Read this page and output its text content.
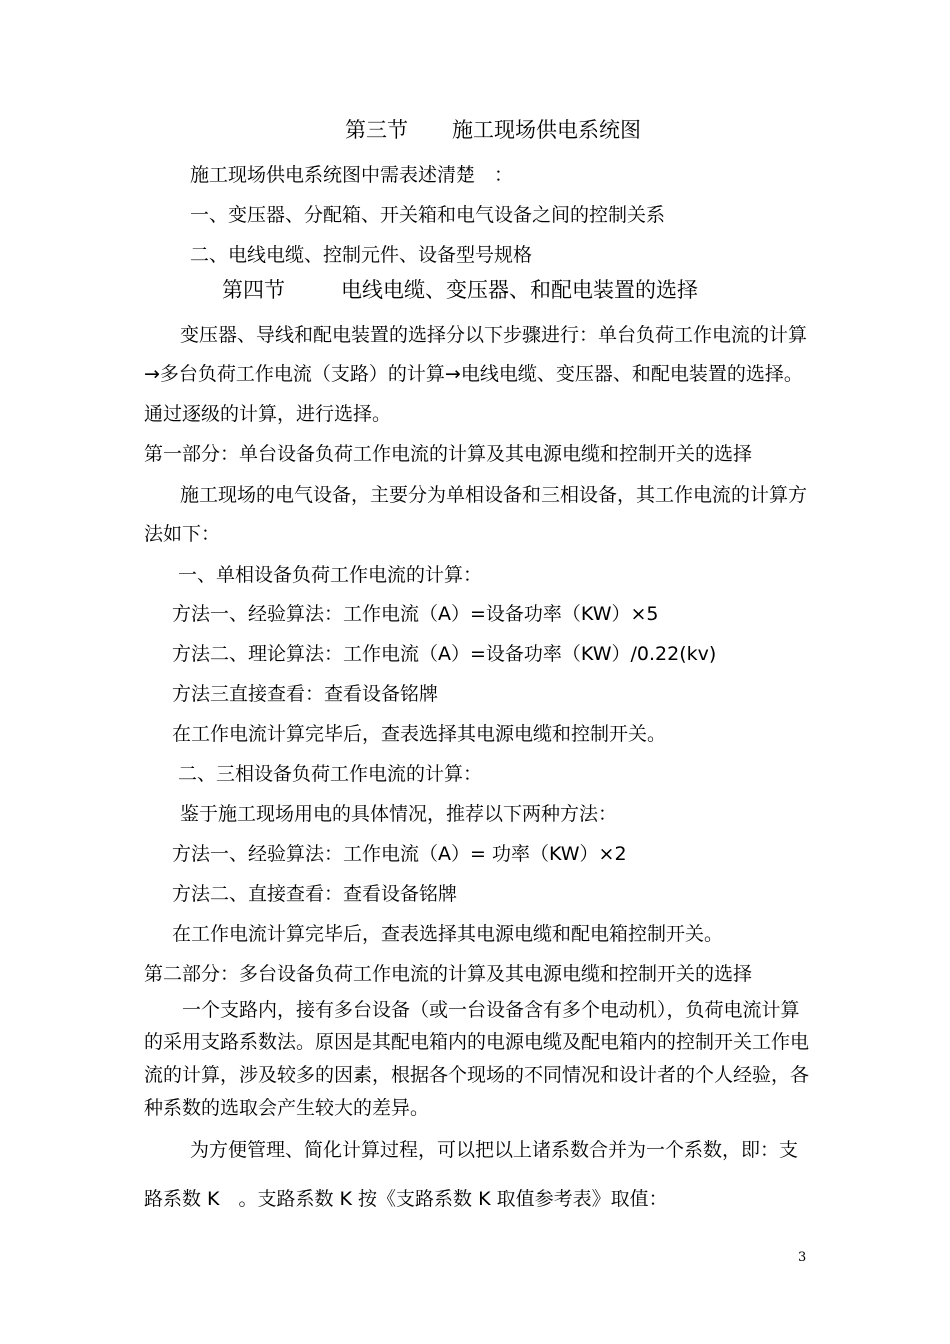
第三节 施工现场供电系统图
施工现场供电系统图中需表述清楚　：
一、变压器、分配箱、开关箱和电气设备之间的控制关系
二、电线电缆、控制元件、设备型号规格
第四节	电线电缆、变压器、和配电装置的选择
变压器、导线和配电装置的选择分以下步骤进行：单台负荷工作电流的计算
→多台负荷工作电流（支路）的计算→电线电缆、变压器、和配电装置的选择。
通过逐级的计算，进行选择。
第一部分：单台设备负荷工作电流的计算及其电源电缆和控制开关的选择
施工现场的电气设备，主要分为单相设备和三相设备，其工作电流的计算方
法如下：
一、单相设备负荷工作电流的计算：
方法一、经验算法：工作电流（A）=设备功率（KW）×5
方法二、理论算法：工作电流（A）=设备功率（KW）/0.22(kv)
方法三直接查看：查看设备铭牌
在工作电流计算完毕后，查表选择其电源电缆和控制开关。
二、三相设备负荷工作电流的计算：
鉴于施工现场用电的具体情况，推荐以下两种方法：
方法一、经验算法：工作电流（A）= 功率（KW）×2
方法二、直接查看：查看设备铭牌
在工作电流计算完毕后，查表选择其电源电缆和配电箱控制开关。
第二部分：多台设备负荷工作电流的计算及其电源电缆和控制开关的选择
一个支路内，接有多台设备（或一台设备含有多个电动机），负荷电流计算
的采用支路系数法。原因是其配电箱内的电源电缆及配电箱内的控制开关工作电
流的计算，涉及较多的因素，根据各个现场的不同情况和设计者的个人经验，各
种系数的选取会产生较大的差异。
为方便管理、简化计算过程，可以把以上诸系数合并为一个系数，即：支
路系数 K　。支路系数 K 按《支路系数 K 取值参考表》取值：
3
